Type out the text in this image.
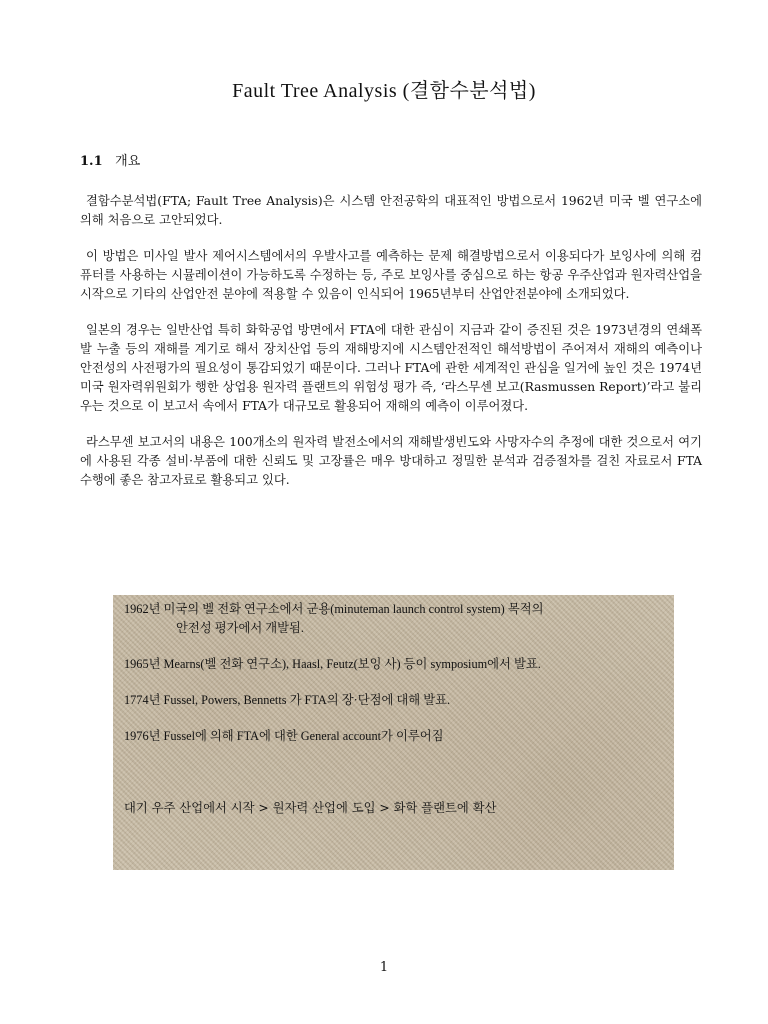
Fault Tree Analysis (결함수분석법)
1.1 개요

결함수분석법(FTA; Fault Tree Analysis)은 시스템 안전공학의 대표적인 방법으로서 1962년 미국 벨 연구소에 의해 처음으로 고안되었다.

이 방법은 미사일 발사 제어시스템에서의 우발사고를 예측하는 문제 해결방법으로서 이용되다가 보잉사에 의해 컴퓨터를 사용하는 시뮬레이션이 가능하도록 수정하는 등, 주로 보잉사를 중심으로 하는 항공 우주산업과 원자력산업을 시작으로 기타의 산업안전 분야에 적용할 수 있음이 인식되어 1965년부터 산업안전분야에 소개되었다.

일본의 경우는 일반산업 특히 화학공업 방면에서 FTA에 대한 관심이 지금과 같이 증진된 것은 1973년경의 연쇄폭발 누출 등의 재해를 계기로 해서 장치산업 등의 재해방지에 시스템안전적인 해석방법이 주어져서 재해의 예측이나 안전성의 사전평가의 필요성이 통감되었기 때문이다. 그러나 FTA에 관한 세계적인 관심을 일거에 높인 것은 1974년 미국 원자력위원회가 행한 상업용 원자력 플랜트의 위험성 평가 즉, ‘라스무센 보고(Rasmussen Report)’라고 불리우는 것으로 이 보고서 속에서 FTA가 대규모로 활용되어 재해의 예측이 이루어졌다.

라스무센 보고서의 내용은 100개소의 원자력 발전소에서의 재해발생빈도와 사망자수의 추정에 대한 것으로서 여기에 사용된 각종 설비·부품에 대한 신뢰도 및 고장률은 매우 방대하고 정밀한 분석과 검증절차를 걸친 자료로서 FTA수행에 좋은 참고자료로 활용되고 있다.

1962년 미국의 벨 전화 연구소에서 군용(minuteman launch control system) 목적의
안전성 평가에서 개발됨.
1965년 Mearns(벨 전화 연구소), Haasl, Feutz(보잉 사) 등이 symposium에서 발표.
1774년 Fussel, Powers, Bennetts 가 FTA의 장·단점에 대해 발표.
1976년 Fussel에 의해 FTA에 대한 General account가 이루어짐
대기 우주 산업에서 시작 > 원자력 산업에 도입 > 화학 플랜트에 확산
1
